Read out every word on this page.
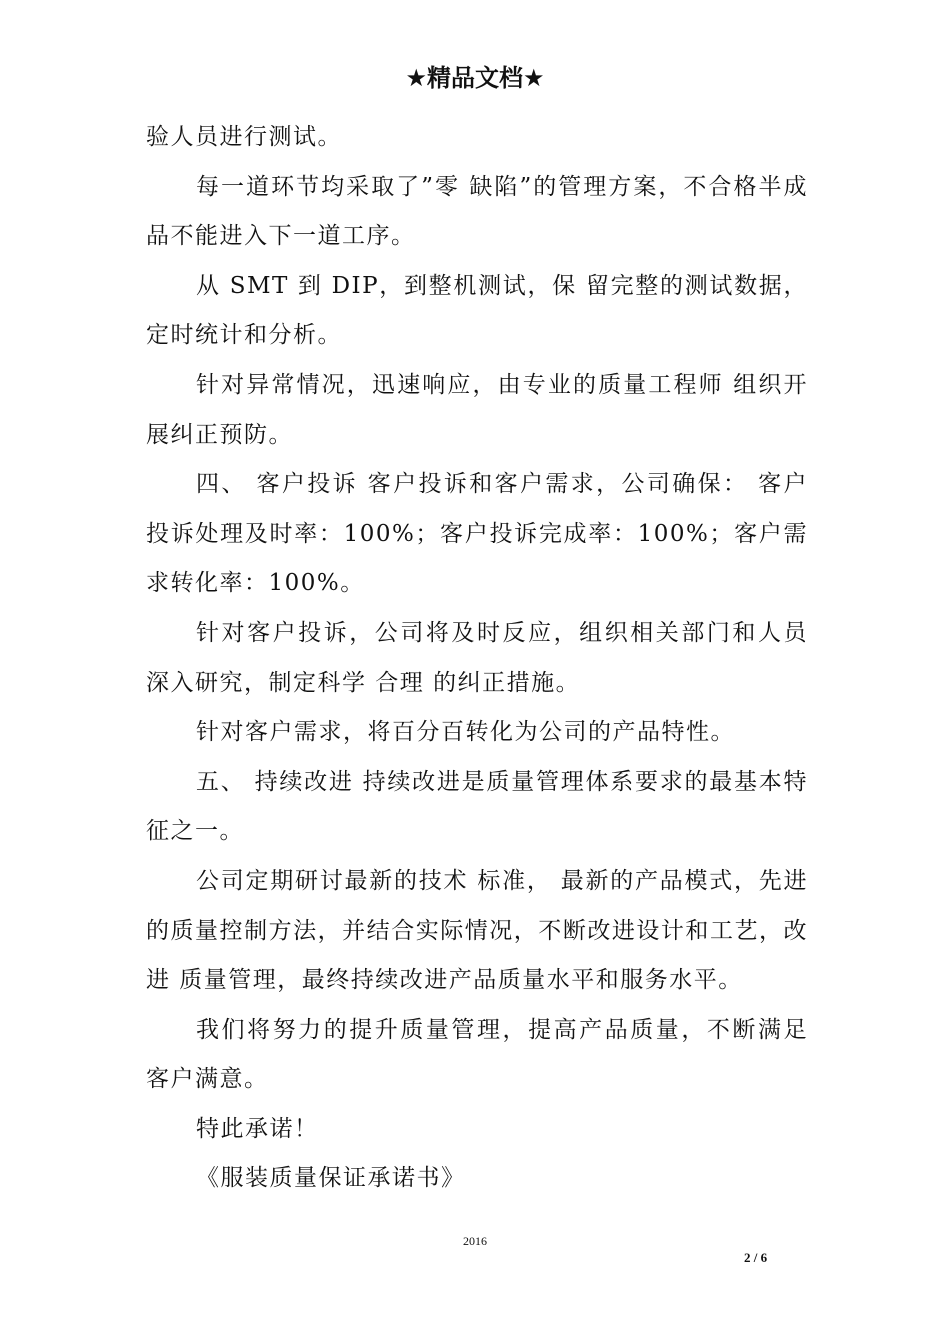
★精品文档★

验人员进行测试。

每一道环节均采取了”零 缺陷”的管理方案，不合格半成品不能进入下一道工序。

从 SMT 到 DIP，到整机测试，保 留完整的测试数据，定时统计和分析。

针对异常情况，迅速响应，由专业的质量工程师 组织开展纠正预防。

四、 客户投诉 客户投诉和客户需求，公司确保： 客户投诉处理及时率：100%；客户投诉完成率：100%；客户需求转化率：100%。

针对客户投诉，公司将及时反应，组织相关部门和人员深入研究，制定科学 合理 的纠正措施。

针对客户需求，将百分百转化为公司的产品特性。

五、 持续改进 持续改进是质量管理体系要求的最基本特征之一。

公司定期研讨最新的技术 标准， 最新的产品模式，先进的质量控制方法，并结合实际情况，不断改进设计和工艺，改进 质量管理，最终持续改进产品质量水平和服务水平。

我们将努力的提升质量管理，提高产品质量，不断满足客户满意。

特此承诺！

《服装质量保证承诺书》

2016
2 / 6
